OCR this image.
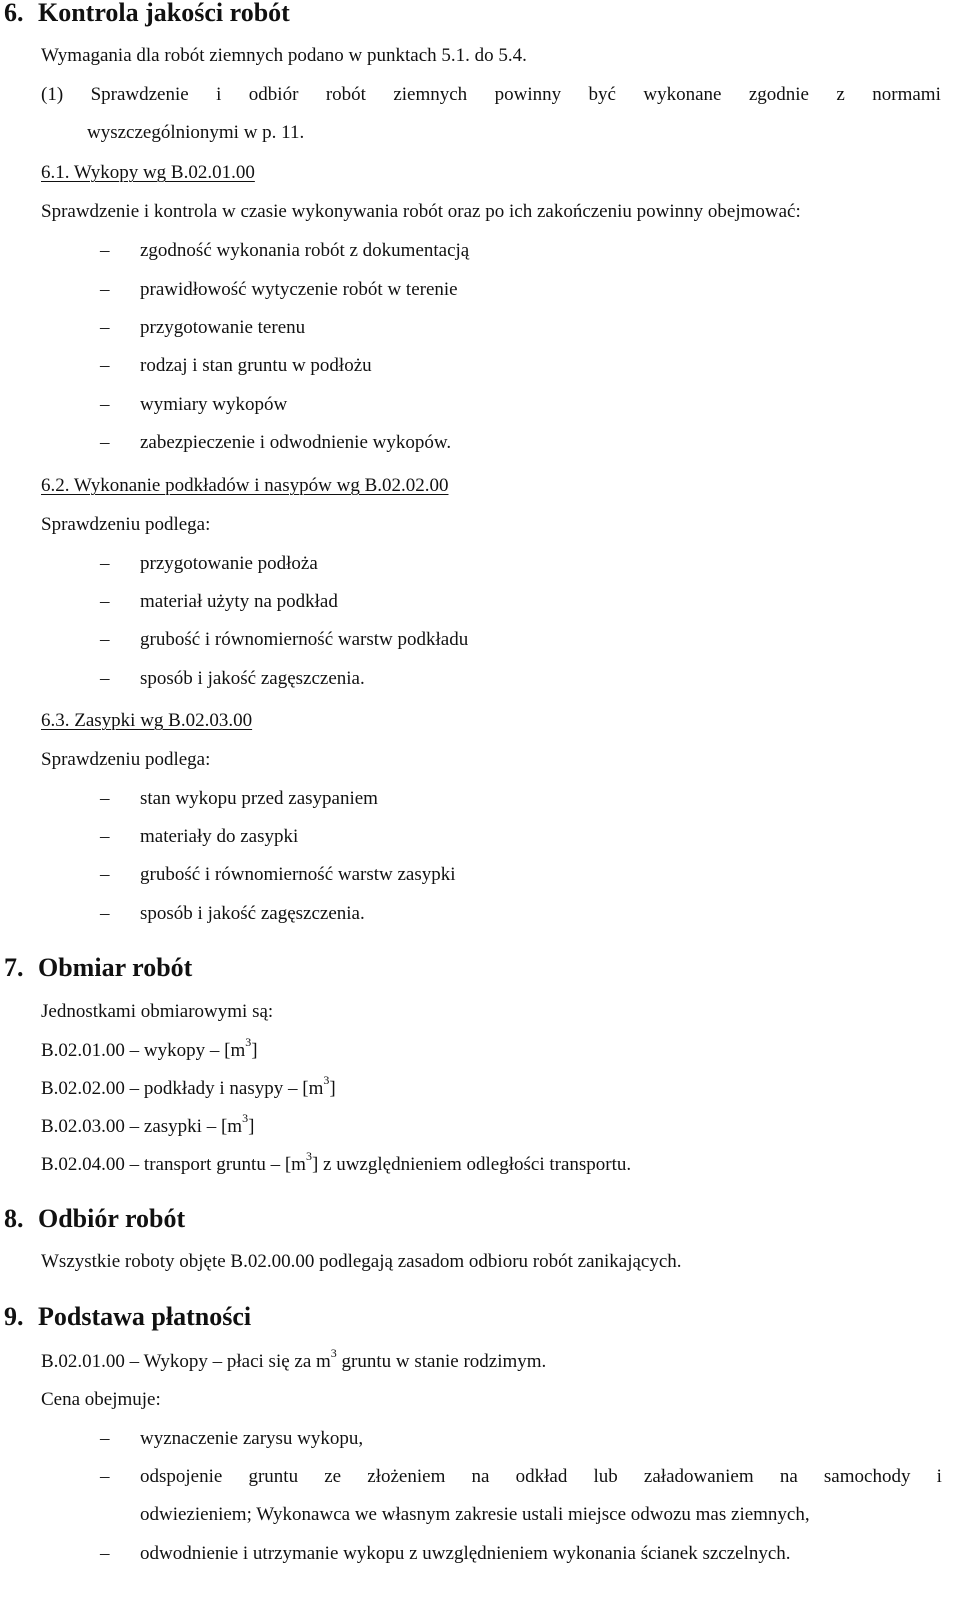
6. Kontrola jakości robót
Wymagania dla robót ziemnych podano w punktach 5.1. do 5.4.
(1) Sprawdzenie i odbiór robót ziemnych powinny być wykonane zgodnie z normami
wyszczególnionymi w p. 11.
6.1. Wykopy wg B.02.01.00
Sprawdzenie i kontrola w czasie wykonywania robót oraz po ich zakończeniu powinny obejmować:
– zgodność wykonania robót z dokumentacją
– prawidłowość wytyczenie robót w terenie
– przygotowanie terenu
– rodzaj i stan gruntu w podłożu
– wymiary wykopów
– zabezpieczenie i odwodnienie wykopów.
6.2. Wykonanie podkładów i nasypów wg B.02.02.00
Sprawdzeniu podlega:
– przygotowanie podłoża
– materiał użyty na podkład
– grubość i równomierność warstw podkładu
– sposób i jakość zagęszczenia.
6.3. Zasypki wg B.02.03.00
Sprawdzeniu podlega:
– stan wykopu przed zasypaniem
– materiały do zasypki
– grubość i równomierność warstw zasypki
– sposób i jakość zagęszczenia.
7. Obmiar robót
Jednostkami obmiarowymi są:
B.02.01.00 – wykopy – $[m^3]$
B.02.02.00 – podkłady i nasypy – $[m^3]$
B.02.03.00 – zasypki – $[m^3]$
B.02.04.00 – transport gruntu – $[m^3]$ z uwzględnieniem odległości transportu.
8. Odbiór robót
Wszystkie roboty objęte B.02.00.00 podlegają zasadom odbioru robót zanikających.
9. Podstawa płatności
B.02.01.00 – Wykopy – płaci się za $m^3$ gruntu w stanie rodzimym.
Cena obejmuje:
– wyznaczenie zarysu wykopu,
–	odspojenie gruntu ze złożeniem na odkład lub załadowaniem na samochody i
odwiezieniem; Wykonawca we własnym zakresie ustali miejsce odwozu mas ziemnych,
– odwodnienie i utrzymanie wykopu z uwzględnieniem wykonania ścianek szczelnych.
